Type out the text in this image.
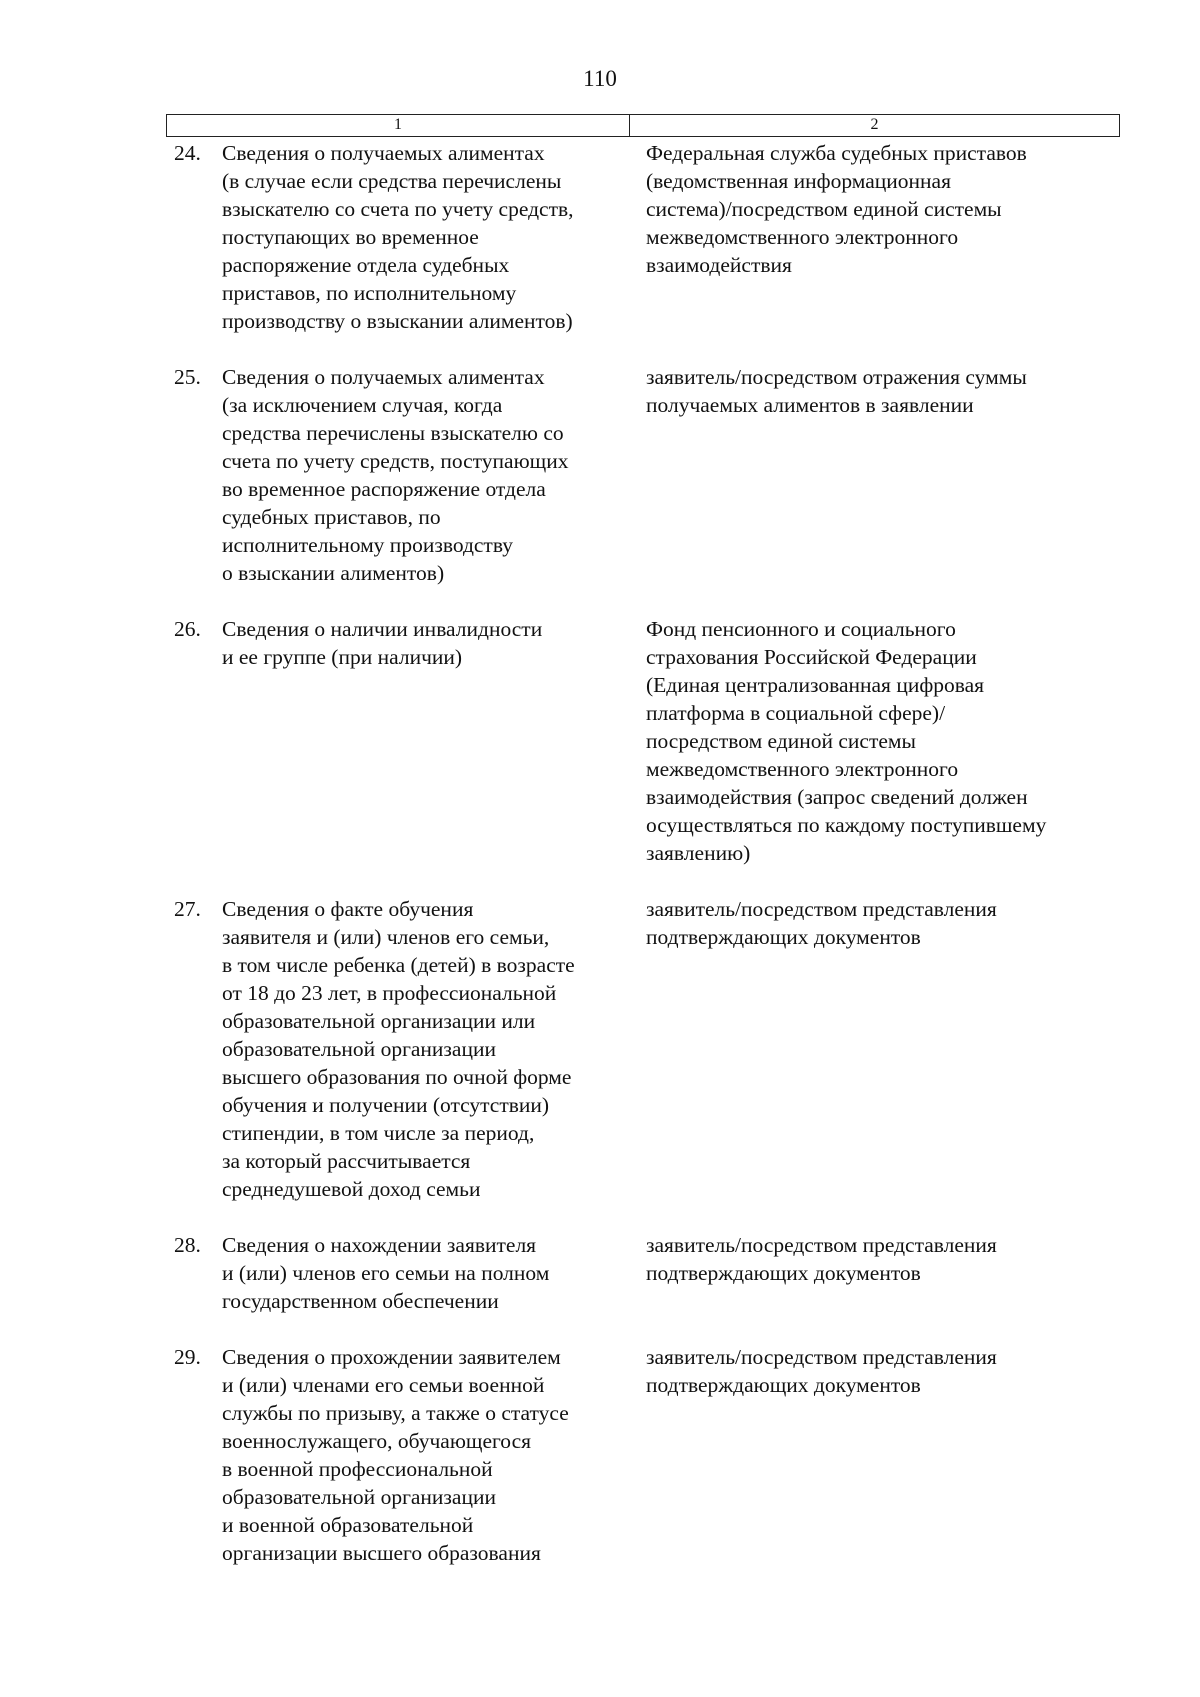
110
1	2
24. Сведения о получаемых алиментах
(в случае если средства перечислены
взыскателю со счета по учету средств,
поступающих во временное
распоряжение отдела судебных
приставов, по исполнительному
производству о взыскании алиментов)
Федеральная служба судебных приставов
(ведомственная информационная
система)/посредством единой системы
межведомственного электронного
взаимодействия
25. Сведения о получаемых алиментах
(за исключением случая, когда
средства перечислены взыскателю со
счета по учету средств, поступающих
во временное распоряжение отдела
судебных приставов, по
исполнительному производству
о взыскании алиментов)
заявитель/посредством отражения суммы
получаемых алиментов в заявлении
26. Сведения о наличии инвалидности
и ее группе (при наличии)
Фонд пенсионного и социального
страхования Российской Федерации
(Единая централизованная цифровая
платформа в социальной сфере)/
посредством единой системы
межведомственного электронного
взаимодействия (запрос сведений должен
осуществляться по каждому поступившему
заявлению)
27. Сведения о факте обучения
заявителя и (или) членов его семьи,
в том числе ребенка (детей) в возрасте
от 18 до 23 лет, в профессиональной
образовательной организации или
образовательной организации
высшего образования по очной форме
обучения и получении (отсутствии)
стипендии, в том числе за период,
за который рассчитывается
среднедушевой доход семьи
заявитель/посредством представления
подтверждающих документов
28. Сведения о нахождении заявителя
и (или) членов его семьи на полном
государственном обеспечении
заявитель/посредством представления
подтверждающих документов
29. Сведения о прохождении заявителем
и (или) членами его семьи военной
службы по призыву, а также о статусе
военнослужащего, обучающегося
в военной профессиональной
образовательной организации
и военной образовательной
организации высшего образования
заявитель/посредством представления
подтверждающих документов
